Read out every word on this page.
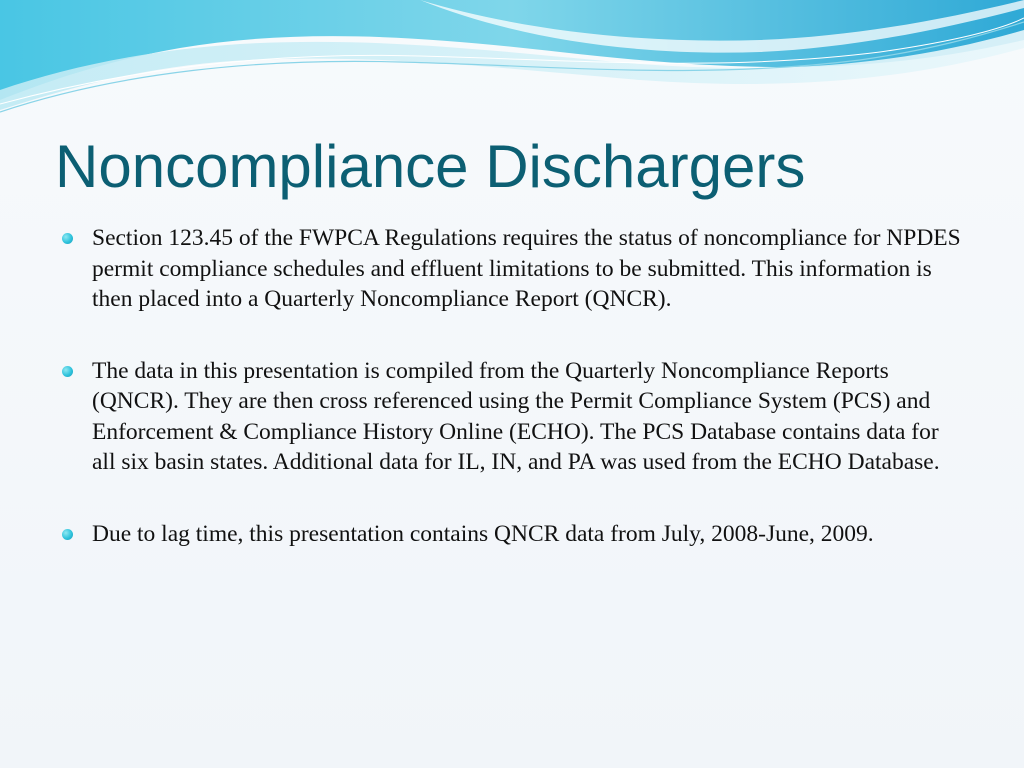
Noncompliance Dischargers
Section 123.45 of the FWPCA Regulations requires the status of noncompliance for NPDES permit compliance schedules and effluent limitations to be submitted. This information is then placed into a Quarterly Noncompliance Report (QNCR).
The data in this presentation is compiled from the Quarterly Noncompliance Reports (QNCR). They are then cross referenced using the Permit Compliance System (PCS) and Enforcement & Compliance History Online (ECHO). The PCS Database contains data for all six basin states. Additional data for IL, IN, and PA was used from the ECHO Database.
Due to lag time, this presentation contains QNCR data from July, 2008-June, 2009.
